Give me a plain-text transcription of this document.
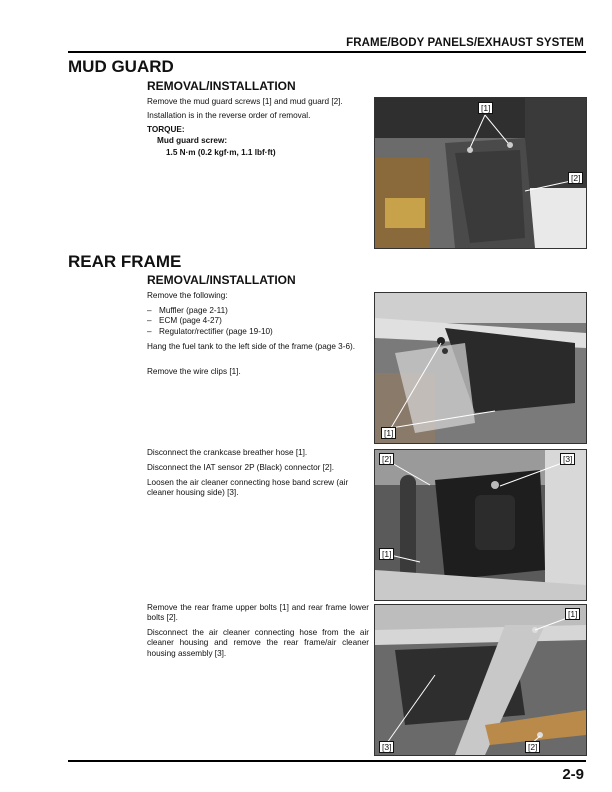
FRAME/BODY PANELS/EXHAUST SYSTEM
MUD GUARD
REMOVAL/INSTALLATION
Remove the mud guard screws [1] and mud guard [2].
Installation is in the reverse order of removal.
TORQUE:
Mud guard screw:
1.5 N·m (0.2 kgf·m, 1.1 lbf·ft)
[1]
[2]
REAR FRAME
REMOVAL/INSTALLATION
Remove the following:
– Muffler (page 2-11)
– ECM (page 4-27)
– Regulator/rectifier (page 19-10)
Hang the fuel tank to the left side of the frame (page 3-6).
Remove the wire clips [1].
[1]
Disconnect the crankcase breather hose [1].
Disconnect the IAT sensor 2P (Black) connector [2].
Loosen the air cleaner connecting hose band screw (air cleaner housing side) [3].
[2]	[3]
[1]
Remove the rear frame upper bolts [1] and rear frame lower bolts [2].
Disconnect the air cleaner connecting hose from the air cleaner housing and remove the rear frame/air cleaner housing assembly [3].
[1]
[3]	[2]
2-9
